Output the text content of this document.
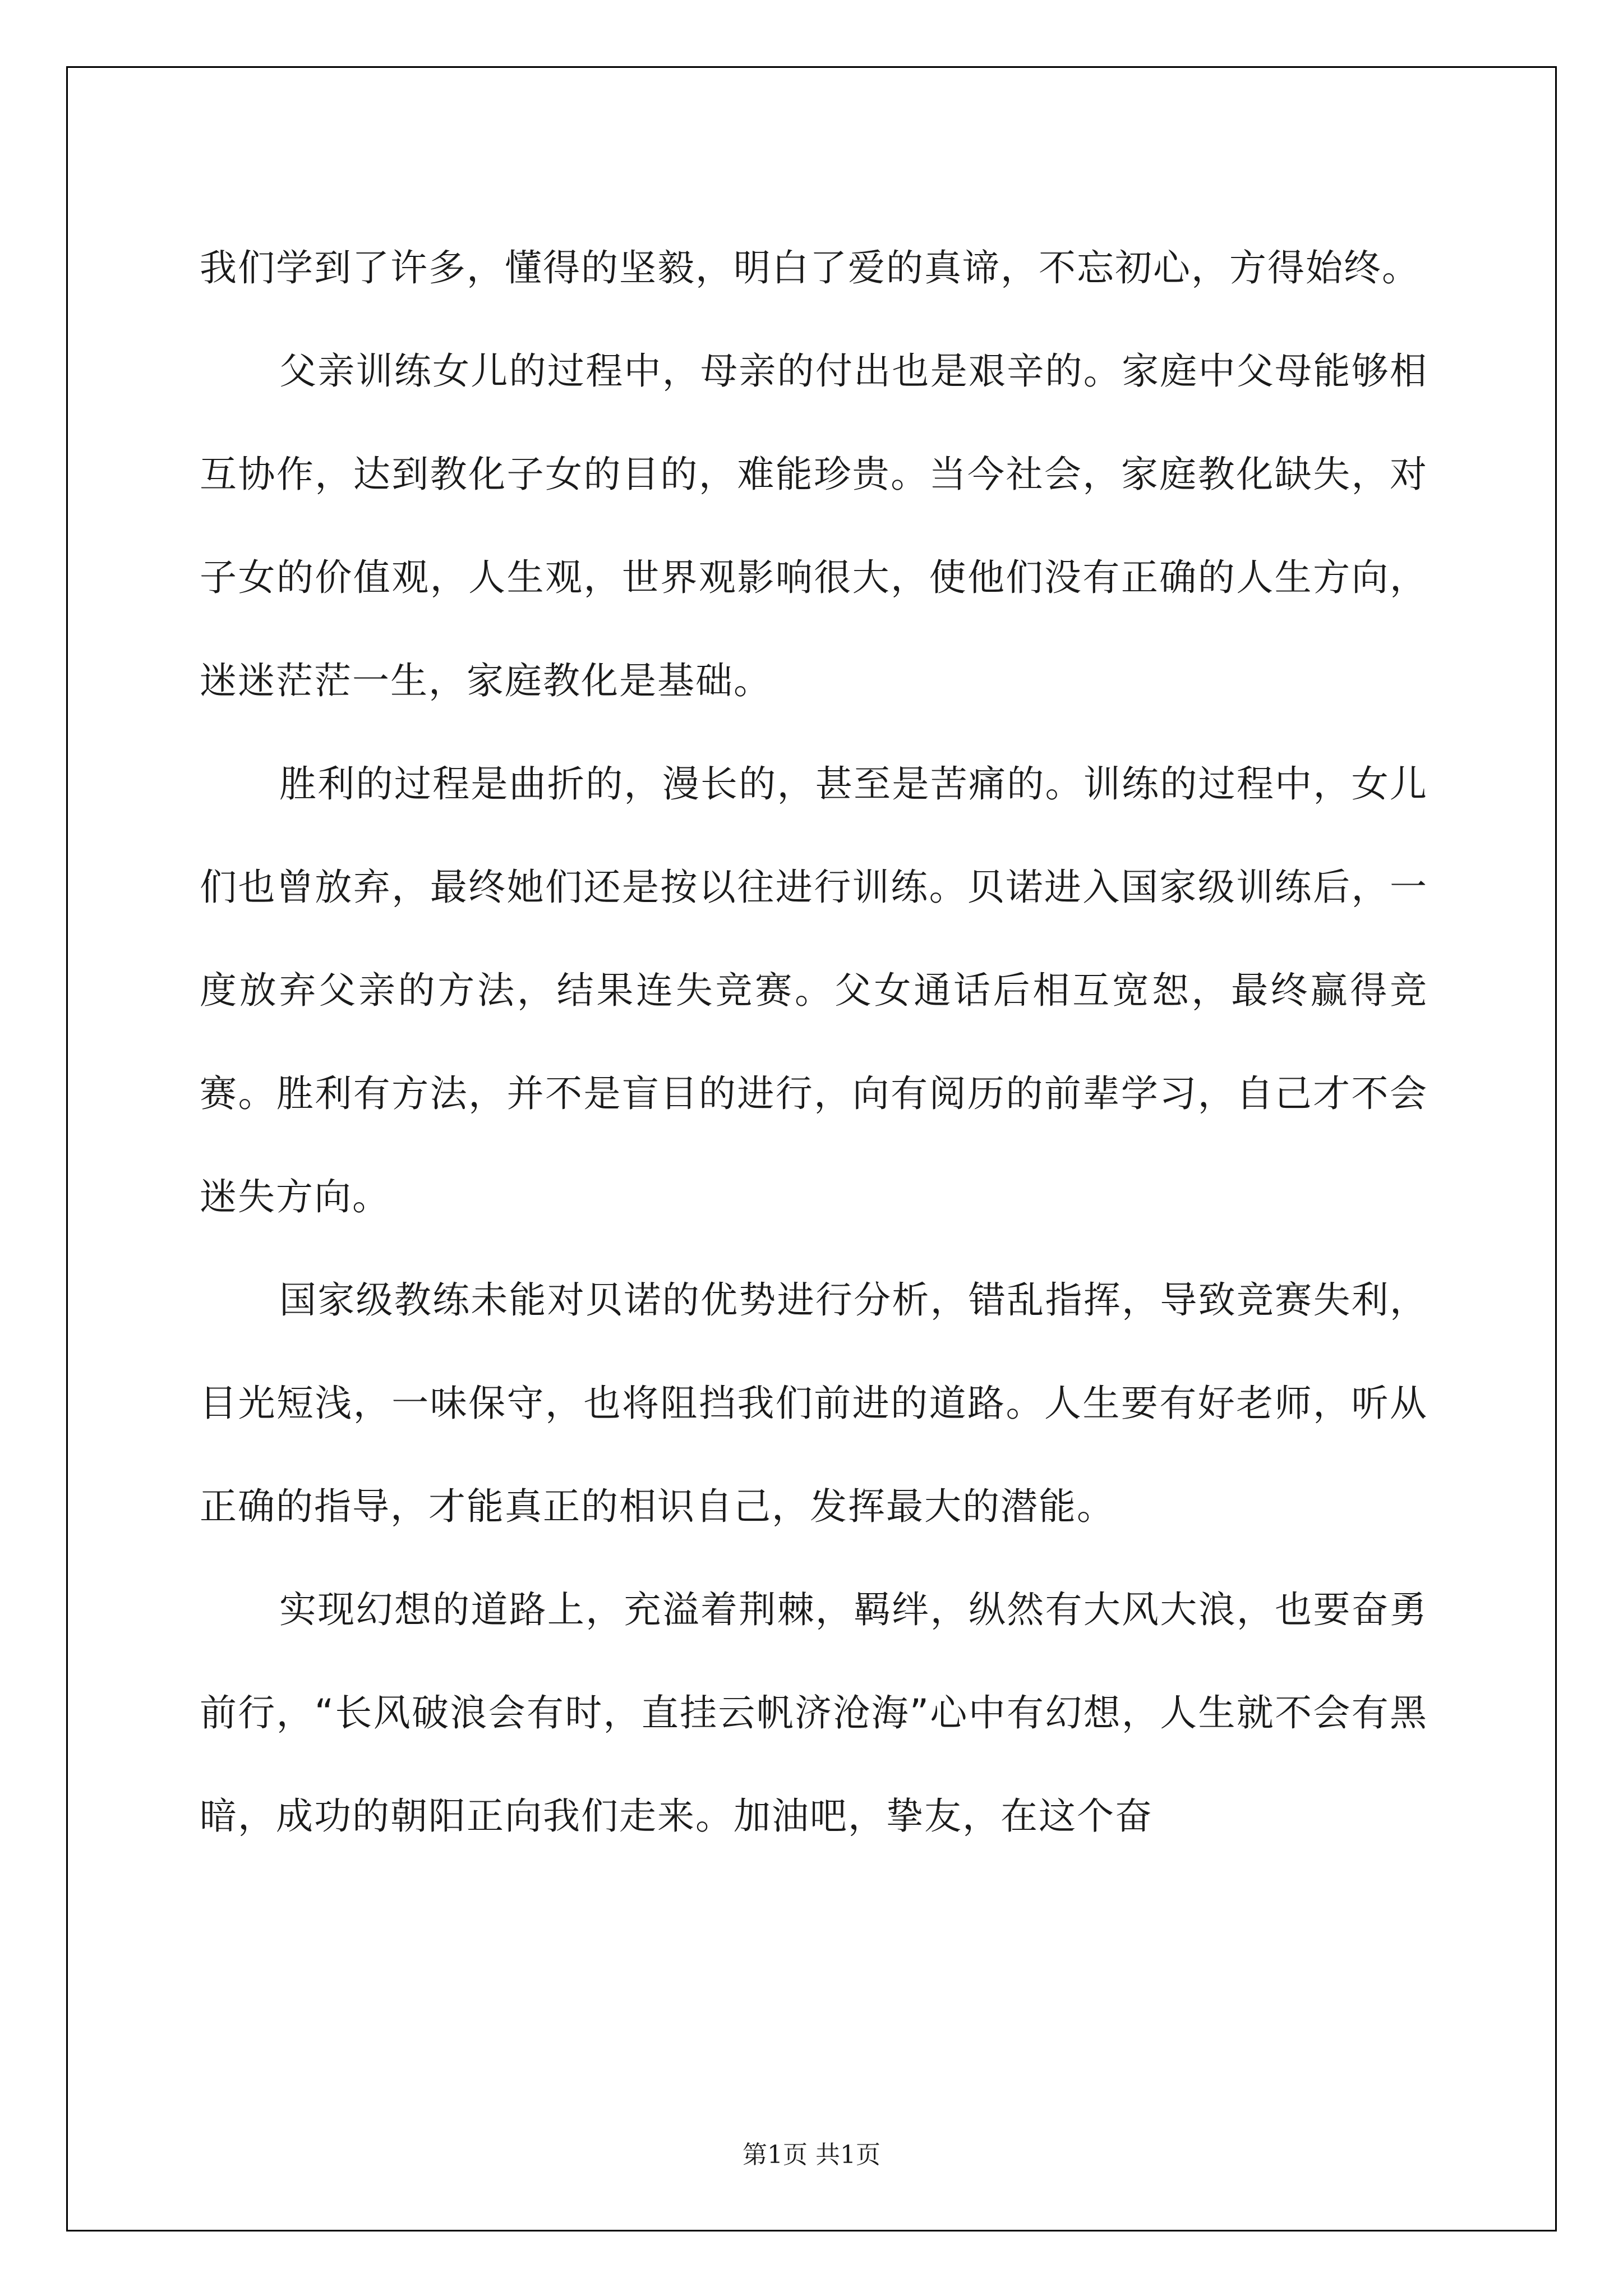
我们学到了许多，懂得的坚毅，明白了爱的真谛，不忘初心，方得始终。

父亲训练女儿的过程中，母亲的付出也是艰辛的。家庭中父母能够相互协作，达到教化子女的目的，难能珍贵。当今社会，家庭教化缺失，对子女的价值观，人生观，世界观影响很大，使他们没有正确的人生方向，迷迷茫茫一生，家庭教化是基础。

胜利的过程是曲折的，漫长的，甚至是苦痛的。训练的过程中，女儿们也曾放弃，最终她们还是按以往进行训练。贝诺进入国家级训练后，一度放弃父亲的方法，结果连失竞赛。父女通话后相互宽恕，最终赢得竞赛。胜利有方法，并不是盲目的进行，向有阅历的前辈学习，自己才不会迷失方向。

国家级教练未能对贝诺的优势进行分析，错乱指挥，导致竞赛失利，目光短浅，一味保守，也将阻挡我们前进的道路。人生要有好老师，听从正确的指导，才能真正的相识自己，发挥最大的潜能。

实现幻想的道路上，充溢着荆棘，羁绊，纵然有大风大浪，也要奋勇前行，“长风破浪会有时，直挂云帆济沧海”心中有幻想，人生就不会有黑暗，成功的朝阳正向我们走来。加油吧，挚友，在这个奋

第1页 共1页
